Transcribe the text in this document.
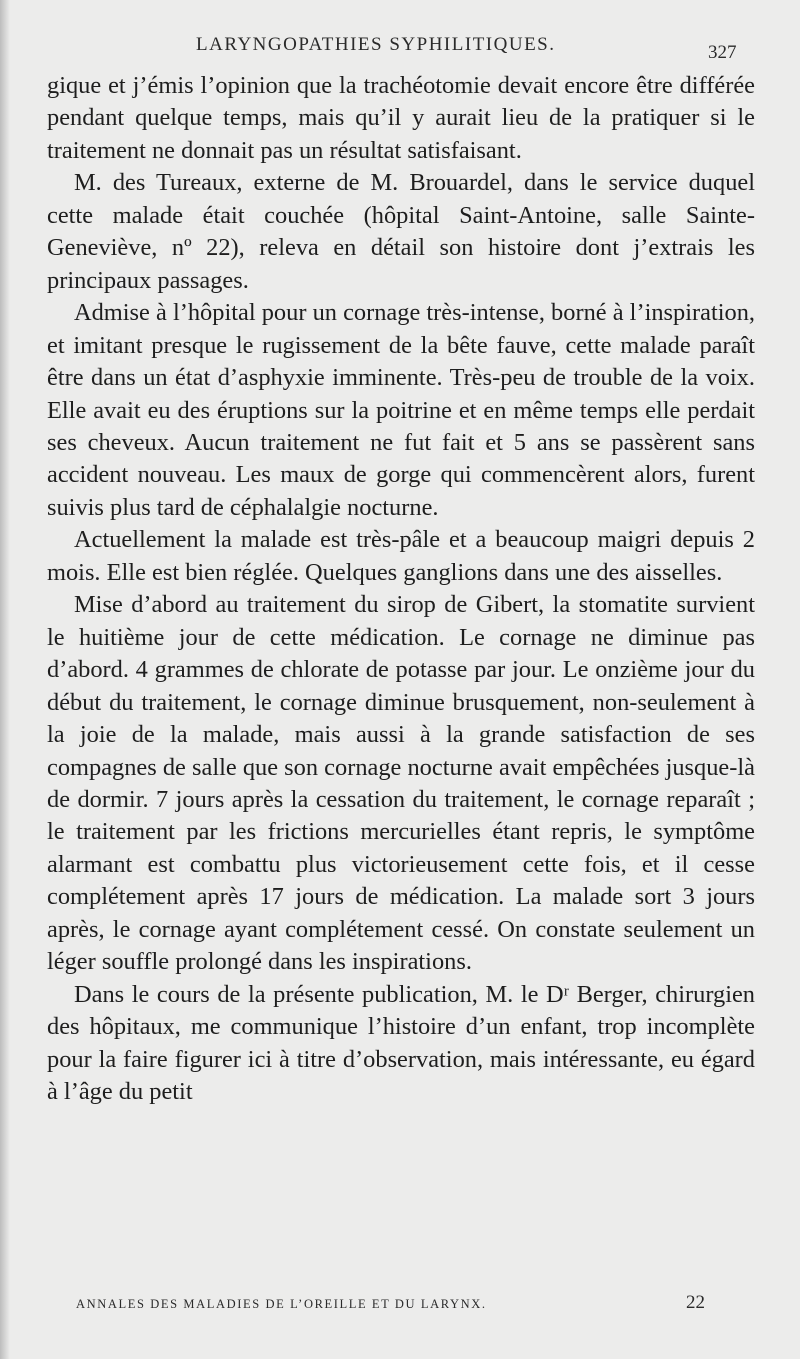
LARYNGOPATHIES SYPHILITIQUES.	327

gique et j’émis l’opinion que la trachéotomie devait encore être différée pendant quelque temps, mais qu’il y aurait lieu de la pratiquer si le traitement ne donnait pas un résultat satisfaisant.

M. des Tureaux, externe de M. Brouardel, dans le service duquel cette malade était couchée (hôpital Saint-Antoine, salle Sainte-Geneviève, nº 22), releva en détail son histoire dont j’extrais les principaux passages.

Admise à l’hôpital pour un cornage très-intense, borné à l’inspiration, et imitant presque le rugissement de la bête fauve, cette malade paraît être dans un état d’asphyxie imminente. Très-peu de trouble de la voix. Elle avait eu des éruptions sur la poitrine et en même temps elle perdait ses cheveux. Aucun traitement ne fut fait et 5 ans se passèrent sans accident nouveau. Les maux de gorge qui commencèrent alors, furent suivis plus tard de céphalalgie nocturne.

Actuellement la malade est très-pâle et a beaucoup maigri depuis 2 mois. Elle est bien réglée. Quelques ganglions dans une des aisselles.

Mise d’abord au traitement du sirop de Gibert, la stomatite survient le huitième jour de cette médication. Le cornage ne diminue pas d’abord. 4 grammes de chlorate de potasse par jour. Le onzième jour du début du traitement, le cornage diminue brusquement, non-seulement à la joie de la malade, mais aussi à la grande satisfaction de ses compagnes de salle que son cornage nocturne avait empêchées jusque-là de dormir. 7 jours après la cessation du traitement, le cornage reparaît ; le traitement par les frictions mercurielles étant repris, le symptôme alarmant est combattu plus victorieusement cette fois, et il cesse complétement après 17 jours de médication. La malade sort 3 jours après, le cornage ayant complétement cessé. On constate seulement un léger souffle prolongé dans les inspirations.

Dans le cours de la présente publication, M. le Dʳ Berger, chirurgien des hôpitaux, me communique l’histoire d’un enfant, trop incomplète pour la faire figurer ici à titre d’observation, mais intéressante, eu égard à l’âge du petit

ANNALES DES MALADIES DE L’OREILLE ET DU LARYNX.	22
